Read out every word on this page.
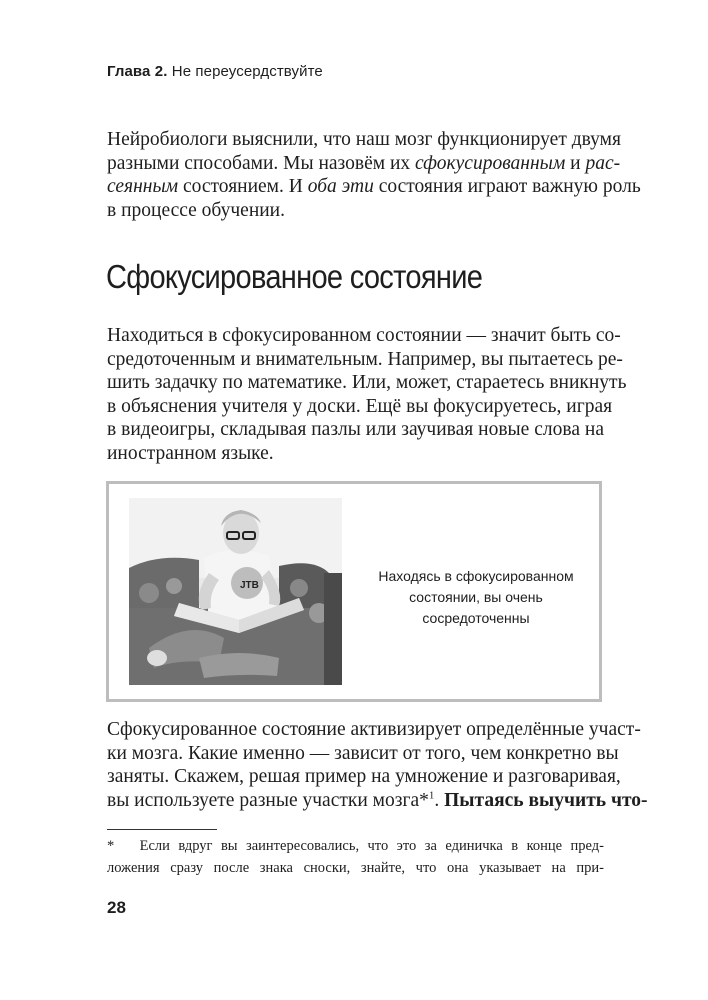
Глава 2. Не переусердствуйте
Нейробиологи выяснили, что наш мозг функционирует двумя
разными способами. Мы назовём их сфокусированным и рас-
сеянным состоянием. И оба эти состояния играют важную роль
в процессе обучении.
Сфокусированное состояние
Находиться в сфокусированном состоянии — значит быть со-
средоточенным и внимательным. Например, вы пытаетесь ре-
шить задачку по математике. Или, может, стараетесь вникнуть
в объяснения учителя у доски. Ещё вы фокусируетесь, играя
в видеоигры, складывая пазлы или заучивая новые слова на
иностранном языке.
JTB
Находясь в сфокусированном
состоянии, вы очень
сосредоточенны
Сфокусированное состояние активизирует определённые участ-
ки мозга. Какие именно — зависит от того, чем конкретно вы
заняты. Скажем, решая пример на умножение и разговаривая,
вы используете разные участки мозга*$^1$. Пытаясь выучить что-
* Если вдруг вы заинтересовались, что это за единичка в конце пред-
ложения сразу после знака сноски, знайте, что она указывает на при-
28
